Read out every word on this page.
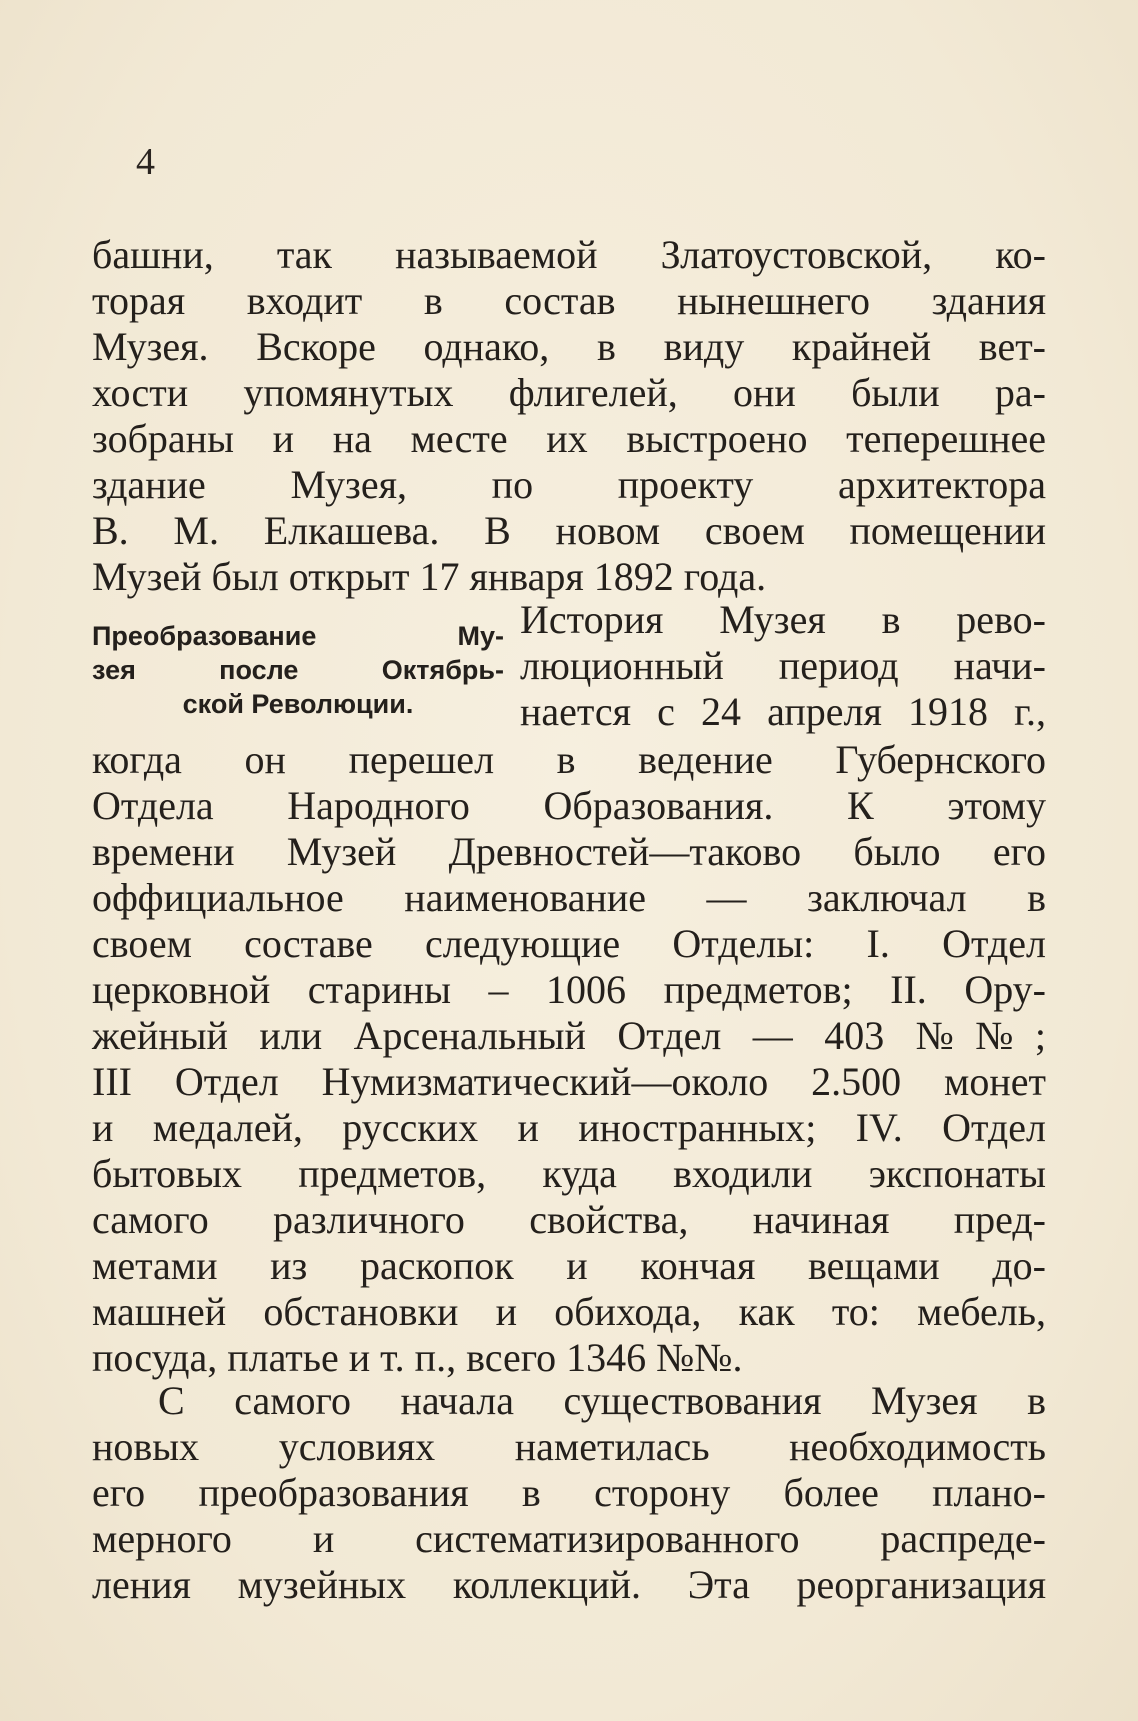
4
башни, так называемой Златоустовской, ко-
торая входит в состав нынешнего здания
Музея. Вскоре однако, в виду крайней вет-
хости упомянутых флигелей, они были ра-
зобраны и на месте их выстроено теперешнее
здание Музея, по проекту архитектора
В. М. Елкашева. В новом своем помещении
Музей был открыт 17 января 1892 года.
Преобразование Му-
зея после Октябрь-
ской Революции.
История Музея в рево-
люционный период начи-
нается с 24 апреля 1918 г.,
когда он перешел в ведение Губернского
Отдела Народного Образования. К этому
времени Музей Древностей—таково было его
оффициальное наименование — заключал в
своем составе следующие Отделы: I. Отдел
церковной старины – 1006 предметов; II. Ору-
жейный или Арсенальный Отдел — 403 №№;
III Отдел Нумизматический—около 2.500 монет
и медалей, русских и иностранных; IV. Отдел
бытовых предметов, куда входили экспонаты
самого различного свойства, начиная пред-
метами из раскопок и кончая вещами до-
машней обстановки и обихода, как то: мебель,
посуда, платье и т. п., всего 1346 №№.
С самого начала существования Музея в
новых условиях наметилась необходимость
его преобразования в сторону более плано-
мерного и систематизированного распреде-
ления музейных коллекций. Эта реорганизация
